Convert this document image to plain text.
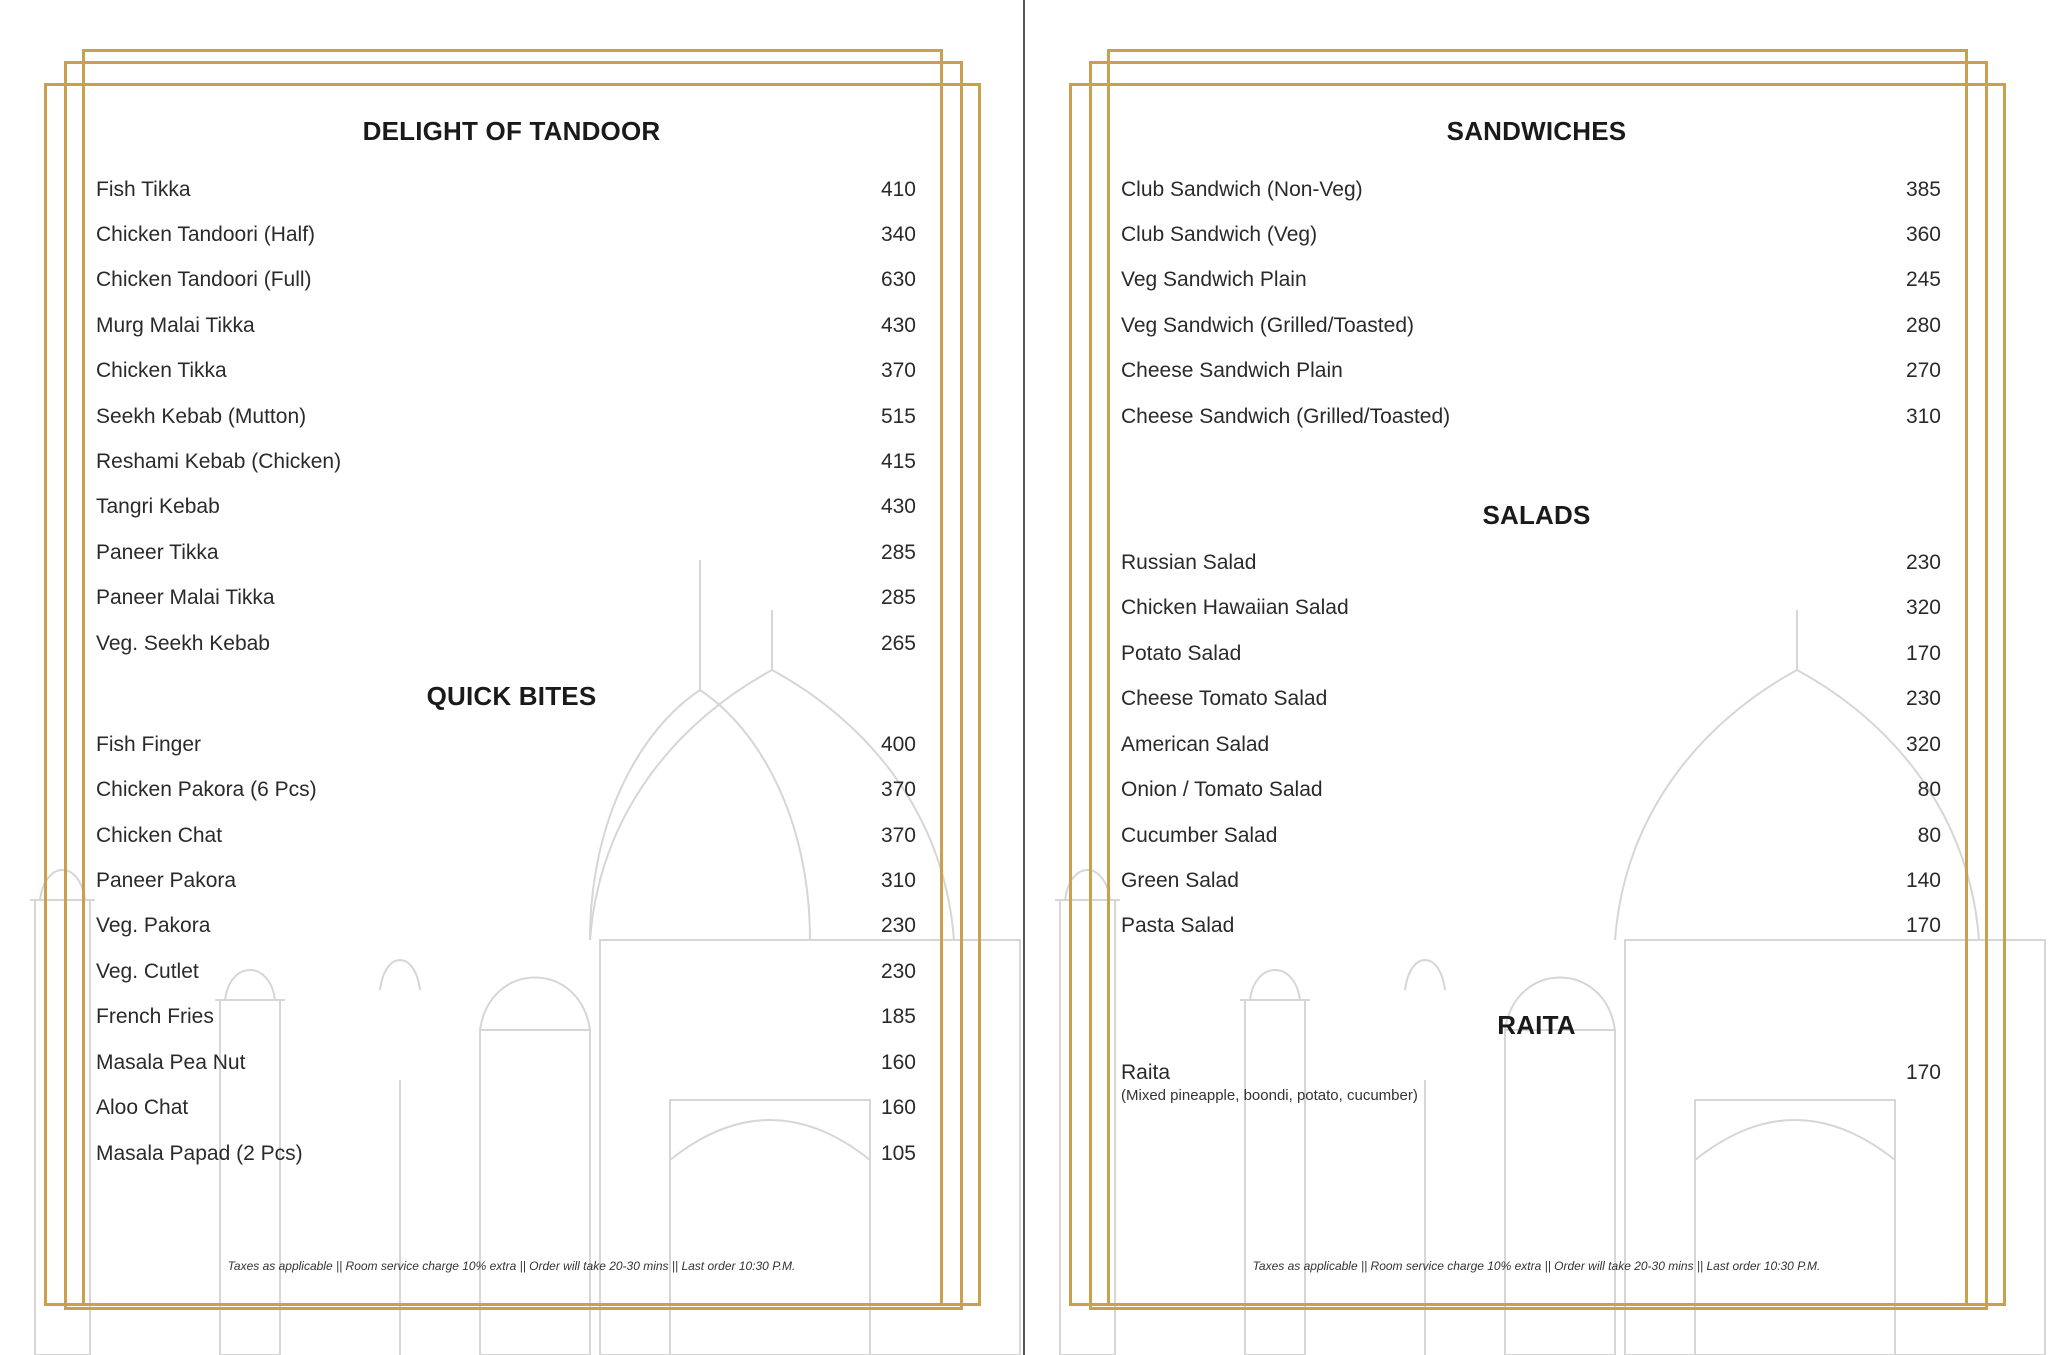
DELIGHT OF TANDOOR
Fish Tikka	410
Chicken Tandoori (Half)	340
Chicken Tandoori (Full)	630
Murg Malai Tikka	430
Chicken Tikka	370
Seekh Kebab (Mutton)	515
Reshami Kebab (Chicken)	415
Tangri Kebab	430
Paneer Tikka	285
Paneer Malai Tikka	285
Veg. Seekh Kebab	265
QUICK BITES
Fish Finger	400
Chicken Pakora (6 Pcs)	370
Chicken Chat	370
Paneer Pakora	310
Veg. Pakora	230
Veg. Cutlet	230
French Fries	185
Masala Pea Nut	160
Aloo Chat	160
Masala Papad (2 Pcs)	105
Taxes as applicable || Room service charge 10% extra || Order will take 20-30 mins || Last order 10:30 P.M.
SANDWICHES
Club Sandwich (Non-Veg)	385
Club Sandwich (Veg)	360
Veg Sandwich Plain	245
Veg Sandwich (Grilled/Toasted)	280
Cheese Sandwich Plain	270
Cheese Sandwich (Grilled/Toasted)	310
SALADS
Russian Salad	230
Chicken Hawaiian Salad	320
Potato Salad	170
Cheese Tomato Salad	230
American Salad	320
Onion / Tomato Salad	80
Cucumber Salad	80
Green Salad	140
Pasta Salad	170
RAITA
Raita	170
(Mixed pineapple, boondi, potato, cucumber)
Taxes as applicable || Room service charge 10% extra || Order will take 20-30 mins || Last order 10:30 P.M.
